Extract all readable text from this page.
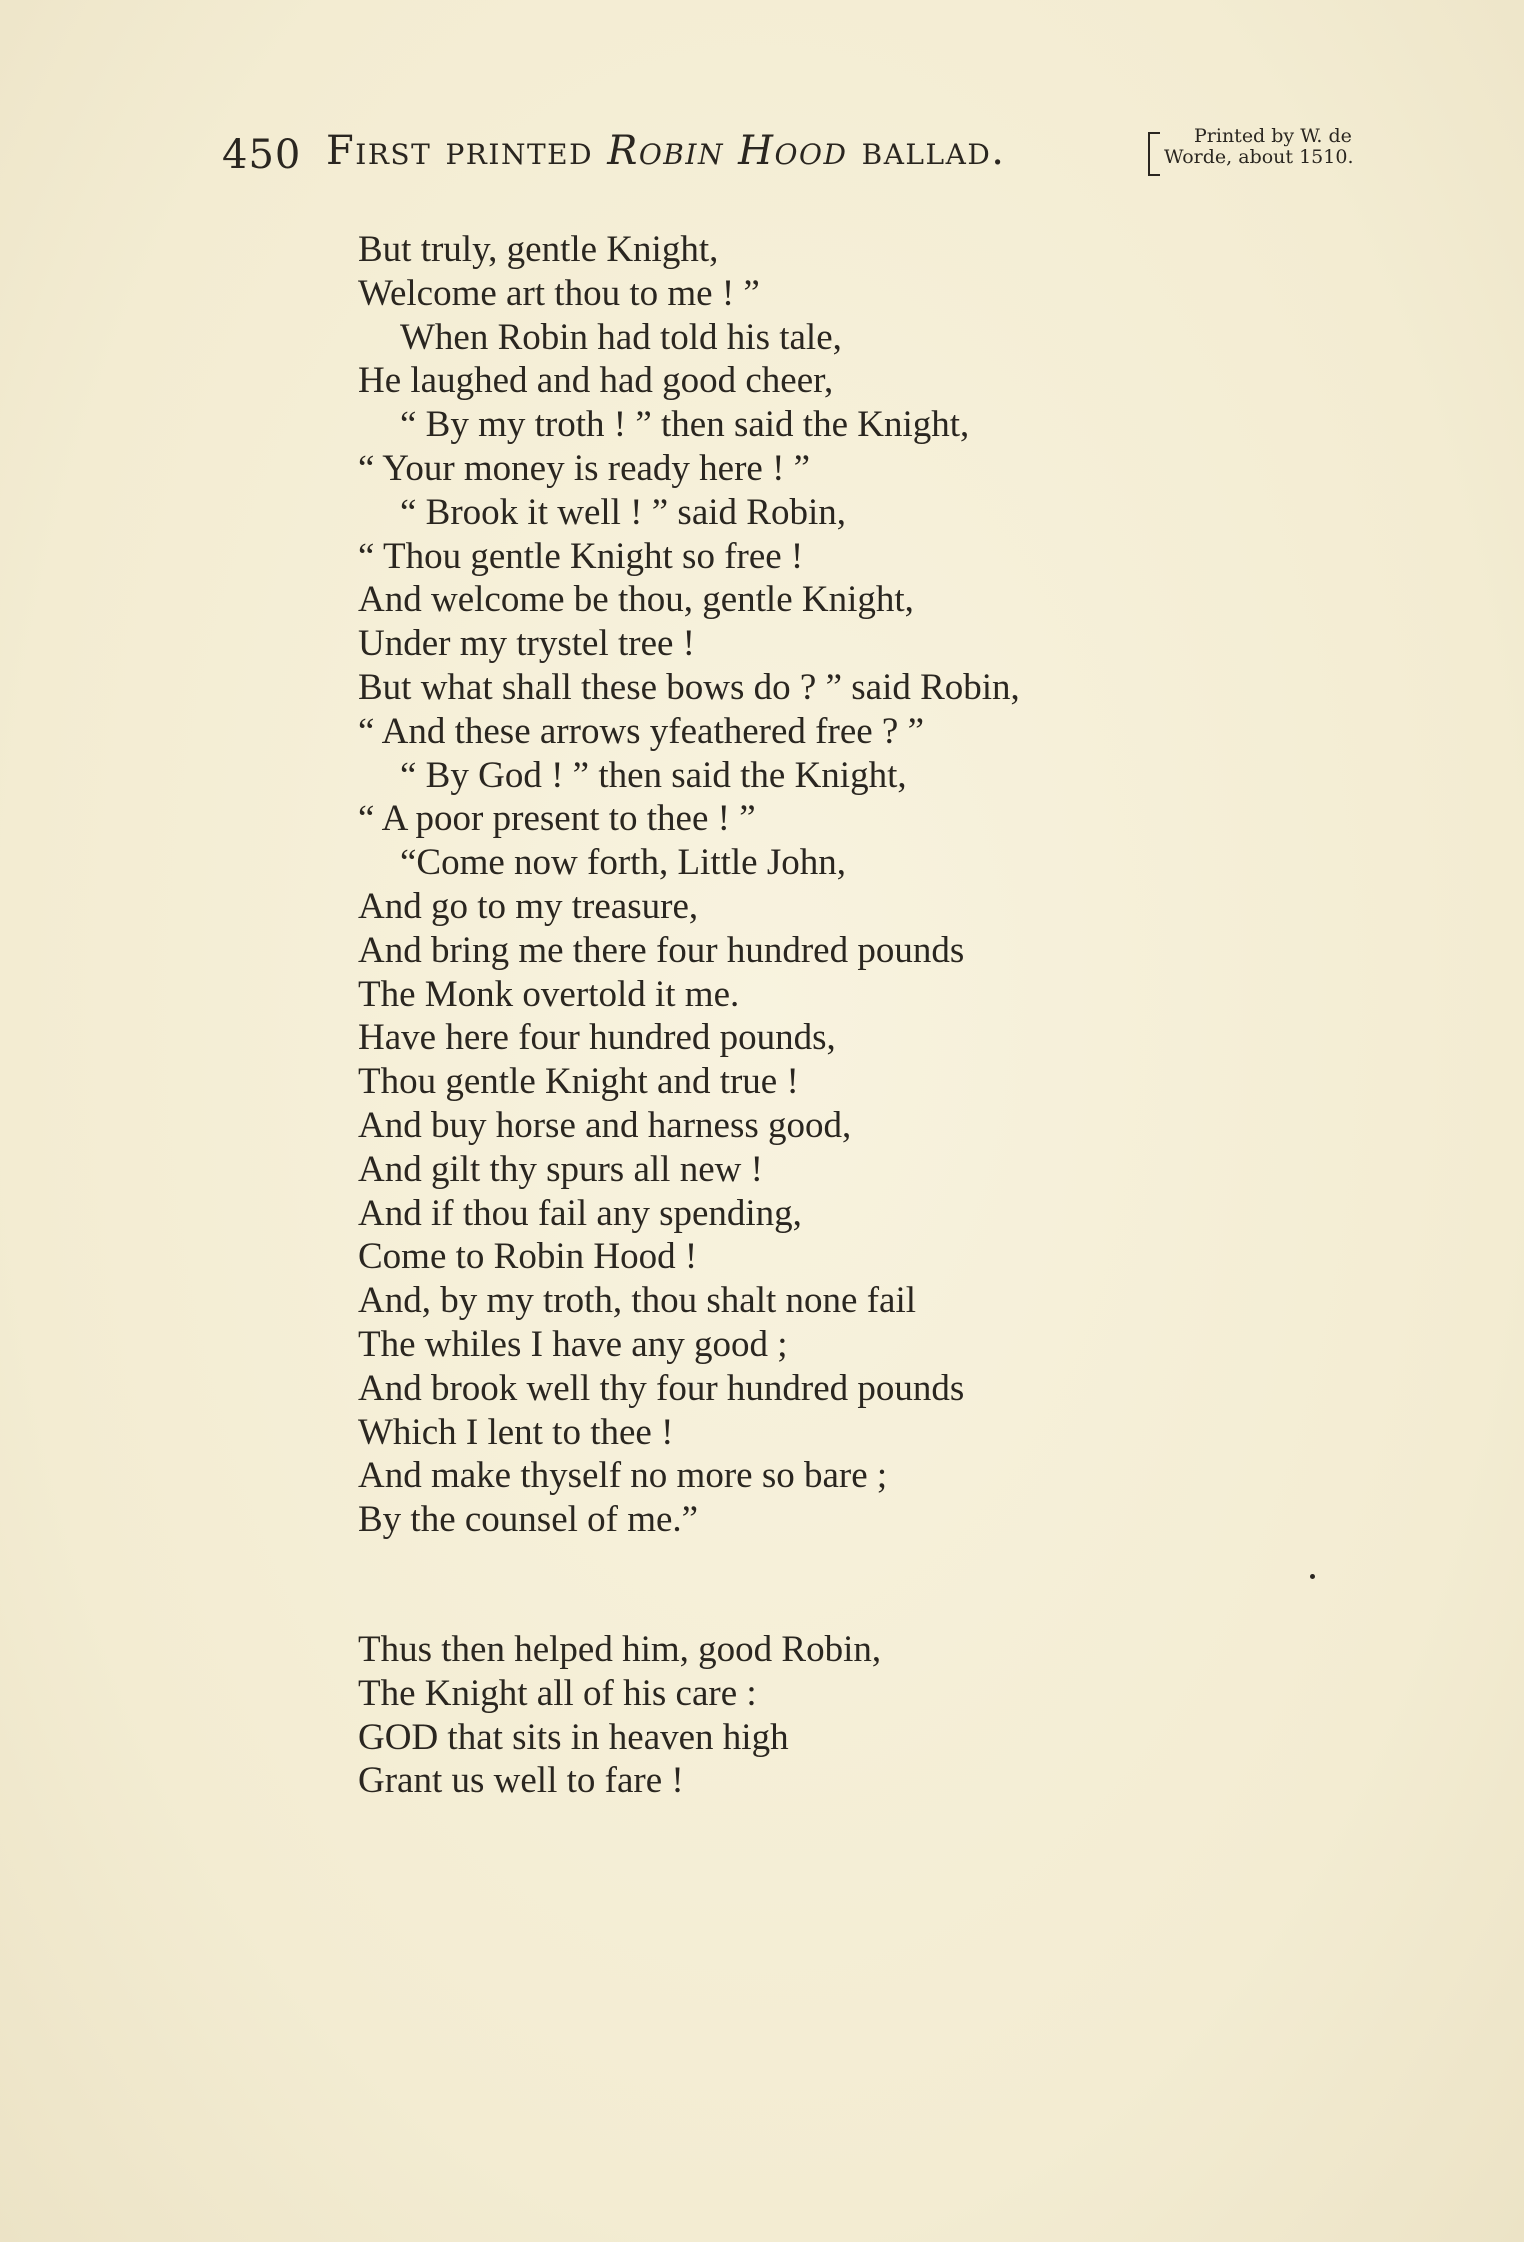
450 First printed Robin Hood ballad.	Printed by W. de
Worde, about 1510.
But truly, gentle Knight,
Welcome art thou to me ! ”
When Robin had told his tale,
He laughed and had good cheer,
“ By my troth ! ” then said the Knight,
“ Your money is ready here ! ”
“ Brook it well ! ” said Robin,
“ Thou gentle Knight so free !
And welcome be thou, gentle Knight,
Under my trystel tree !
But what shall these bows do ? ” said Robin,
“ And these arrows yfeathered free ? ”
“ By God ! ” then said the Knight,
“ A poor present to thee ! ”
“Come now forth, Little John,
And go to my treasure,
And bring me there four hundred pounds
The Monk overtold it me.
Have here four hundred pounds,
Thou gentle Knight and true !
And buy horse and harness good,
And gilt thy spurs all new !
And if thou fail any spending,
Come to Robin Hood !
And, by my troth, thou shalt none fail
The whiles I have any good ;
And brook well thy four hundred pounds
Which I lent to thee !
And make thyself no more so bare ;
By the counsel of me.”
Thus then helped him, good Robin,
The Knight all of his care :
GOD that sits in heaven high
Grant us well to fare !
